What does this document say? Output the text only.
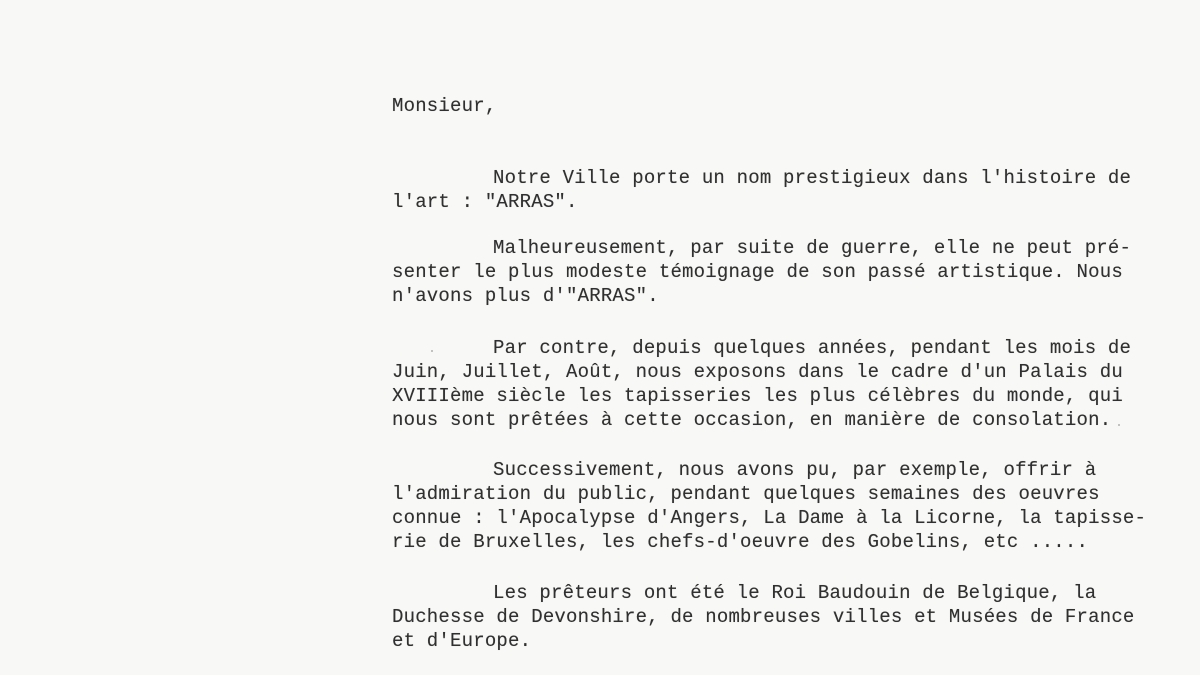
Monsieur,
Notre Ville porte un nom prestigieux dans l'histoire de
l'art : "ARRAS".
Malheureusement, par suite de guerre, elle ne peut pré-
senter le plus modeste témoignage de son passé artistique. Nous
n'avons plus d'"ARRAS".
Par contre, depuis quelques années, pendant les mois de
Juin, Juillet, Août, nous exposons dans le cadre d'un Palais du
XVIIIème siècle les tapisseries les plus célèbres du monde, qui
nous sont prêtées à cette occasion, en manière de consolation.
Successivement, nous avons pu, par exemple, offrir à
l'admiration du public, pendant quelques semaines des oeuvres
connue : l'Apocalypse d'Angers, La Dame à la Licorne, la tapisse-
rie de Bruxelles, les chefs-d'oeuvre des Gobelins, etc .....
Les prêteurs ont été le Roi Baudouin de Belgique, la
Duchesse de Devonshire, de nombreuses villes et Musées de France
et d'Europe.
